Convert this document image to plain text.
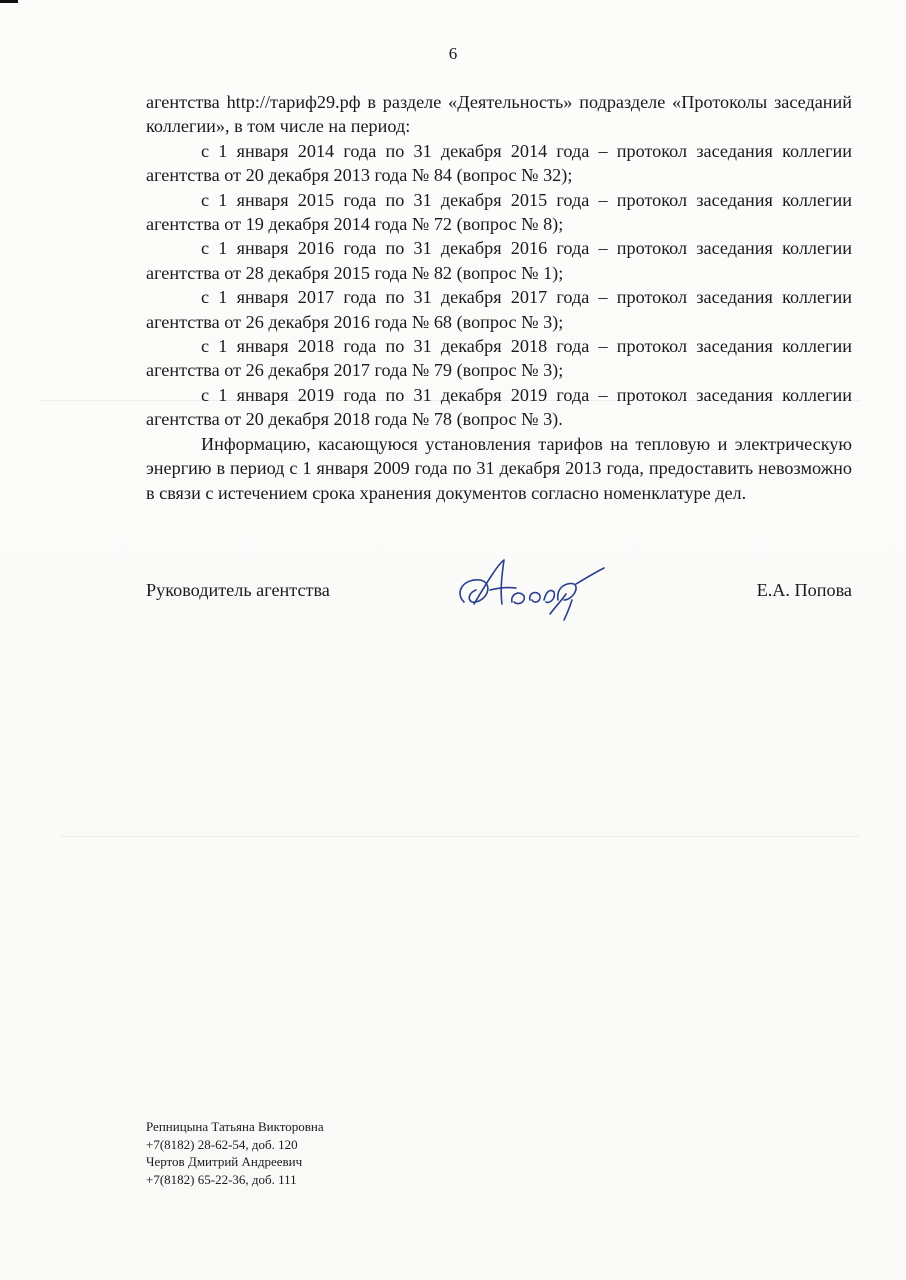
6

агентства http://тариф29.рф в разделе «Деятельность» подразделе «Протоколы заседаний коллегии», в том числе на период:

с 1 января 2014 года по 31 декабря 2014 года – протокол заседания коллегии агентства от 20 декабря 2013 года № 84 (вопрос № 32);

с 1 января 2015 года по 31 декабря 2015 года – протокол заседания коллегии агентства от 19 декабря 2014 года № 72 (вопрос № 8);

с 1 января 2016 года по 31 декабря 2016 года – протокол заседания коллегии агентства от 28 декабря 2015 года № 82 (вопрос № 1);

с 1 января 2017 года по 31 декабря 2017 года – протокол заседания коллегии агентства от 26 декабря 2016 года № 68 (вопрос № 3);

с 1 января 2018 года по 31 декабря 2018 года – протокол заседания коллегии агентства от 26 декабря 2017 года № 79 (вопрос № 3);

с 1 января 2019 года по 31 декабря 2019 года – протокол заседания коллегии агентства от 20 декабря 2018 года № 78 (вопрос № 3).

Информацию, касающуюся установления тарифов на тепловую и электрическую энергию в период с 1 января 2009 года по 31 декабря 2013 года, предоставить невозможно в связи с истечением срока хранения документов согласно номенклатуре дел.

Руководитель агентства	Е.А. Попова
Репницына Татьяна Викторовна
+7(8182) 28-62-54, доб. 120
Чертов Дмитрий Андреевич
+7(8182) 65-22-36, доб. 111
